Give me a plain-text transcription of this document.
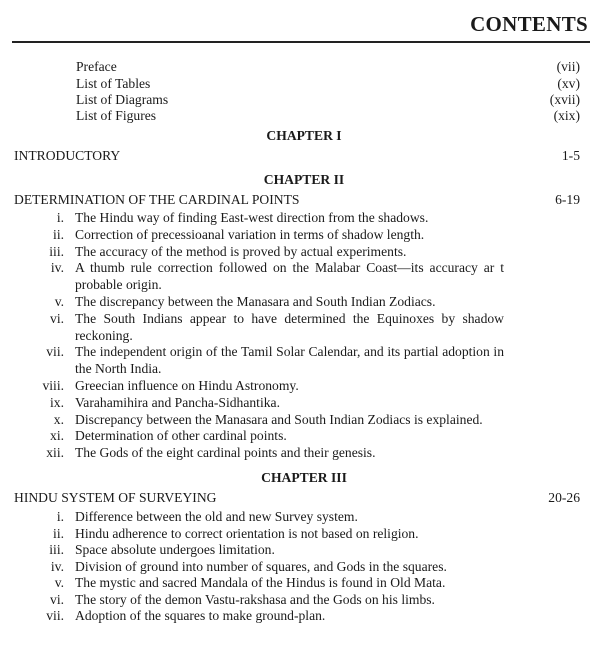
CONTENTS
Preface	(vii)
List of Tables	(xv)
List of Diagrams	(xvii)
List of Figures	(xix)
CHAPTER I
INTRODUCTORY	1-5
CHAPTER II
DETERMINATION OF THE CARDINAL POINTS	6-19
i. The Hindu way of finding East-west direction from the shadows.
ii. Correction of precessioanal variation in terms of shadow length.
iii. The accuracy of the method is proved by actual experiments.
iv. A thumb rule correction followed on the Malabar Coast—its accuracy ar t probable origin.
v. The discrepancy between the Manasara and South Indian Zodiacs.
vi. The South Indians appear to have determined the Equinoxes by shadow reckoning.
vii. The independent origin of the Tamil Solar Calendar, and its partial adoption in the North India.
viii. Greecian influence on Hindu Astronomy.
ix. Varahamihira and Pancha-Sidhantika.
x. Discrepancy between the Manasara and South Indian Zodiacs is explained.
xi. Determination of other cardinal points.
xii. The Gods of the eight cardinal points and their genesis.
CHAPTER III
HINDU SYSTEM OF SURVEYING	20-26
i. Difference between the old and new Survey system.
ii. Hindu adherence to correct orientation is not based on religion.
iii. Space absolute undergoes limitation.
iv. Division of ground into number of squares, and Gods in the squares.
v. The mystic and sacred Mandala of the Hindus is found in Old Mata.
vi. The story of the demon Vastu-rakshasa and the Gods on his limbs.
vii. Adoption of the squares to make ground-plan.
